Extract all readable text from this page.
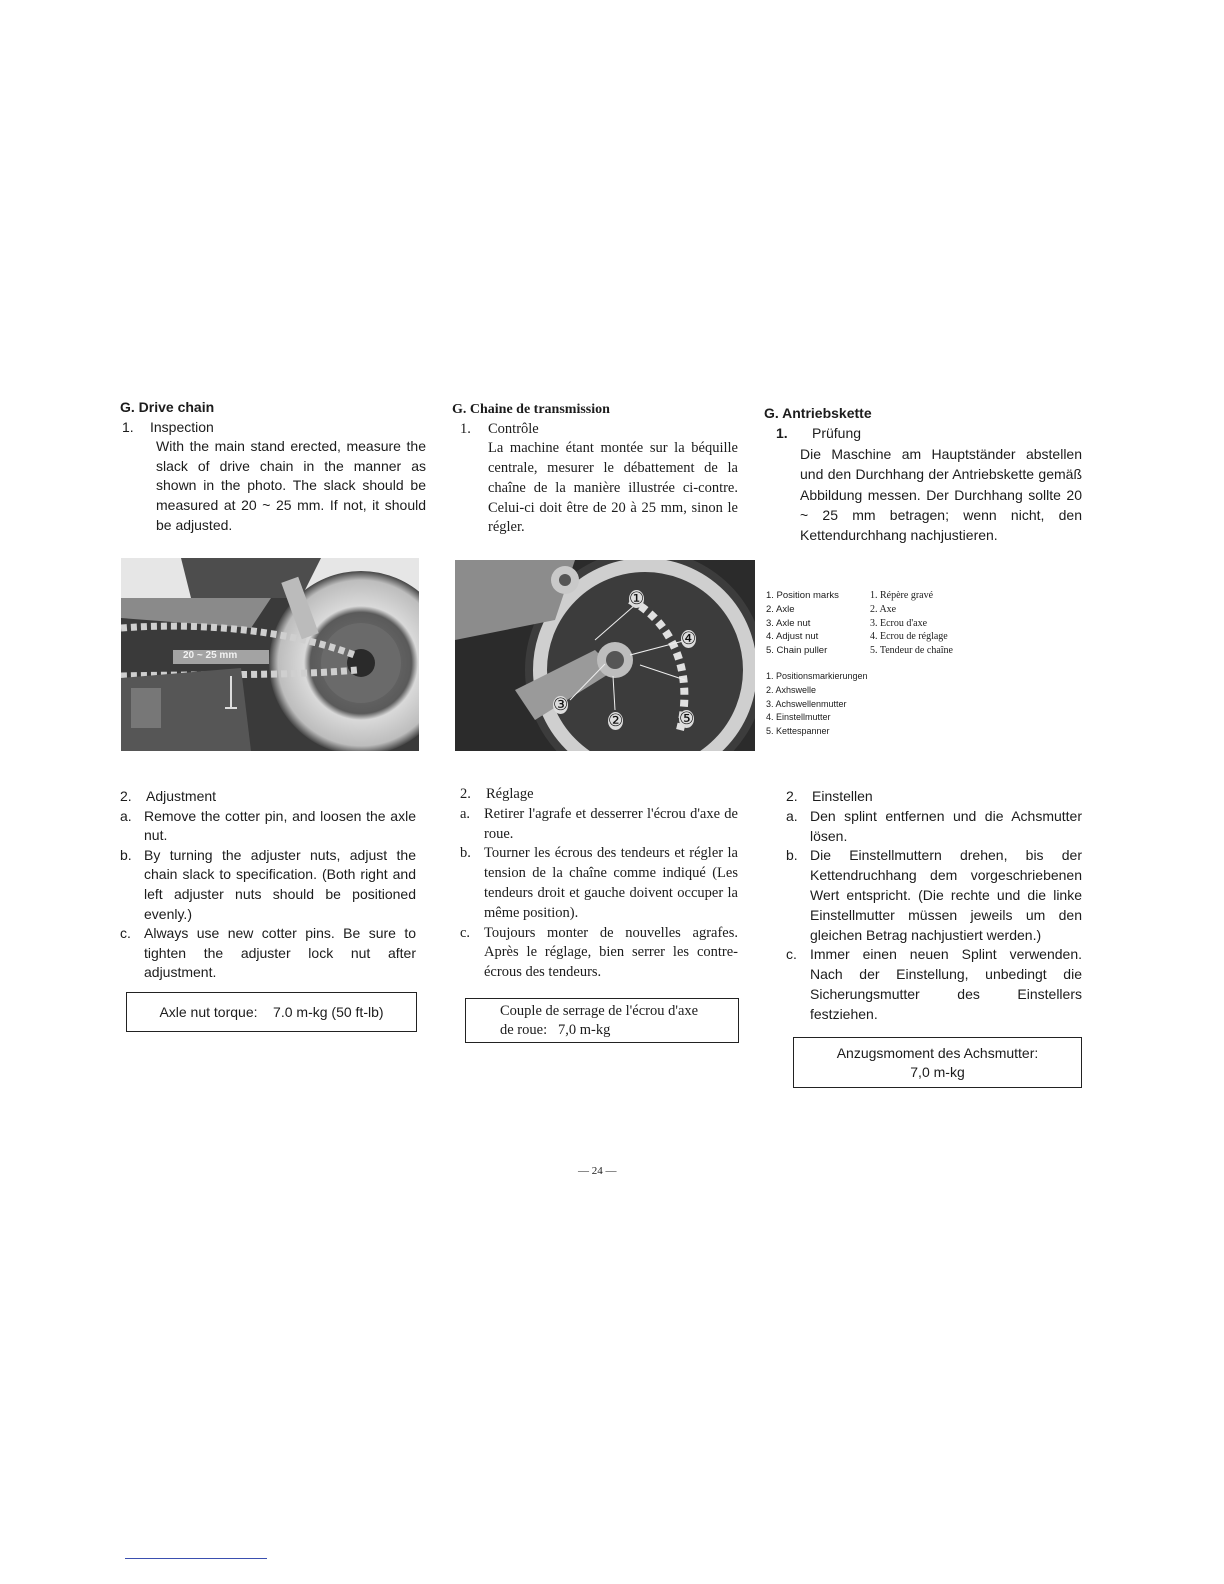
G. Drive chain

1.	Inspection

With the main stand erected, measure the slack of drive chain in the manner as shown in the photo. The slack should be measured at 20 ~ 25 mm. If not, it should be adjusted.

2.	Adjustment
a. Remove the cotter pin, and loosen the axle nut.
b. By turning the adjuster nuts, adjust the chain slack to specification. (Both right and left adjuster nuts should be positioned evenly.)
c. Always use new cotter pins. Be sure to tighten the adjuster lock nut after adjustment.
Axle nut torque:    7.0 m-kg (50 ft-lb)

G. Chaine de transmission

1.	Contrôle

La machine étant montée sur la béquille centrale, mesurer le débattement de la chaîne de la manière illustrée ci-contre. Celui-ci doit être de 20 à 25 mm, sinon le régler.

2.	Réglage
a. Retirer l'agrafe et desserrer l'écrou d'axe de roue.
b. Tourner les écrous des tendeurs et régler la tension de la chaîne comme indiqué (Les tendeurs droit et gauche doivent occuper la même position).
c. Toujours monter de nouvelles agrafes. Après le réglage, bien serrer les contre-écrous des tendeurs.
Couple de serrage de l'écrou d'axe
de roue:   7,0 m-kg

G. Antriebskette

1.	Prüfung

Die Maschine am Hauptständer abstellen und den Durchhang der Antriebskette gemäß Abbildung messen. Der Durchhang sollte 20 ~ 25 mm betragen; wenn nicht, den Kettendurchhang nachjustieren.

2.	Einstellen
a. Den splint entfernen und die Achsmutter lösen.
b. Die Einstellmuttern drehen, bis der Kettendruchhang dem vorgeschriebenen Wert entspricht. (Die rechte und die linke Einstellmutter müssen jeweils um den gleichen Betrag nachjustiert werden.)
c. Immer einen neuen Splint verwenden. Nach der Einstellung, unbedingt die Sicherungsmutter des Einstellers festziehen.
Anzugsmoment des Achsmutter:
7,0 m-kg
20 ~ 25 mm
①
④
③
②	⑤
1. Position marks	1. Répère gravé
2. Axle	2. Axe
3. Axle nut	3. Ecrou d'axe
4. Adjust nut	4. Ecrou de réglage
5. Chain puller	5. Tendeur de chaîne
1. Positionsmarkierungen
2. Axhswelle
3. Achswellenmutter
4. Einstellmutter
5. Kettespanner
— 24 —
